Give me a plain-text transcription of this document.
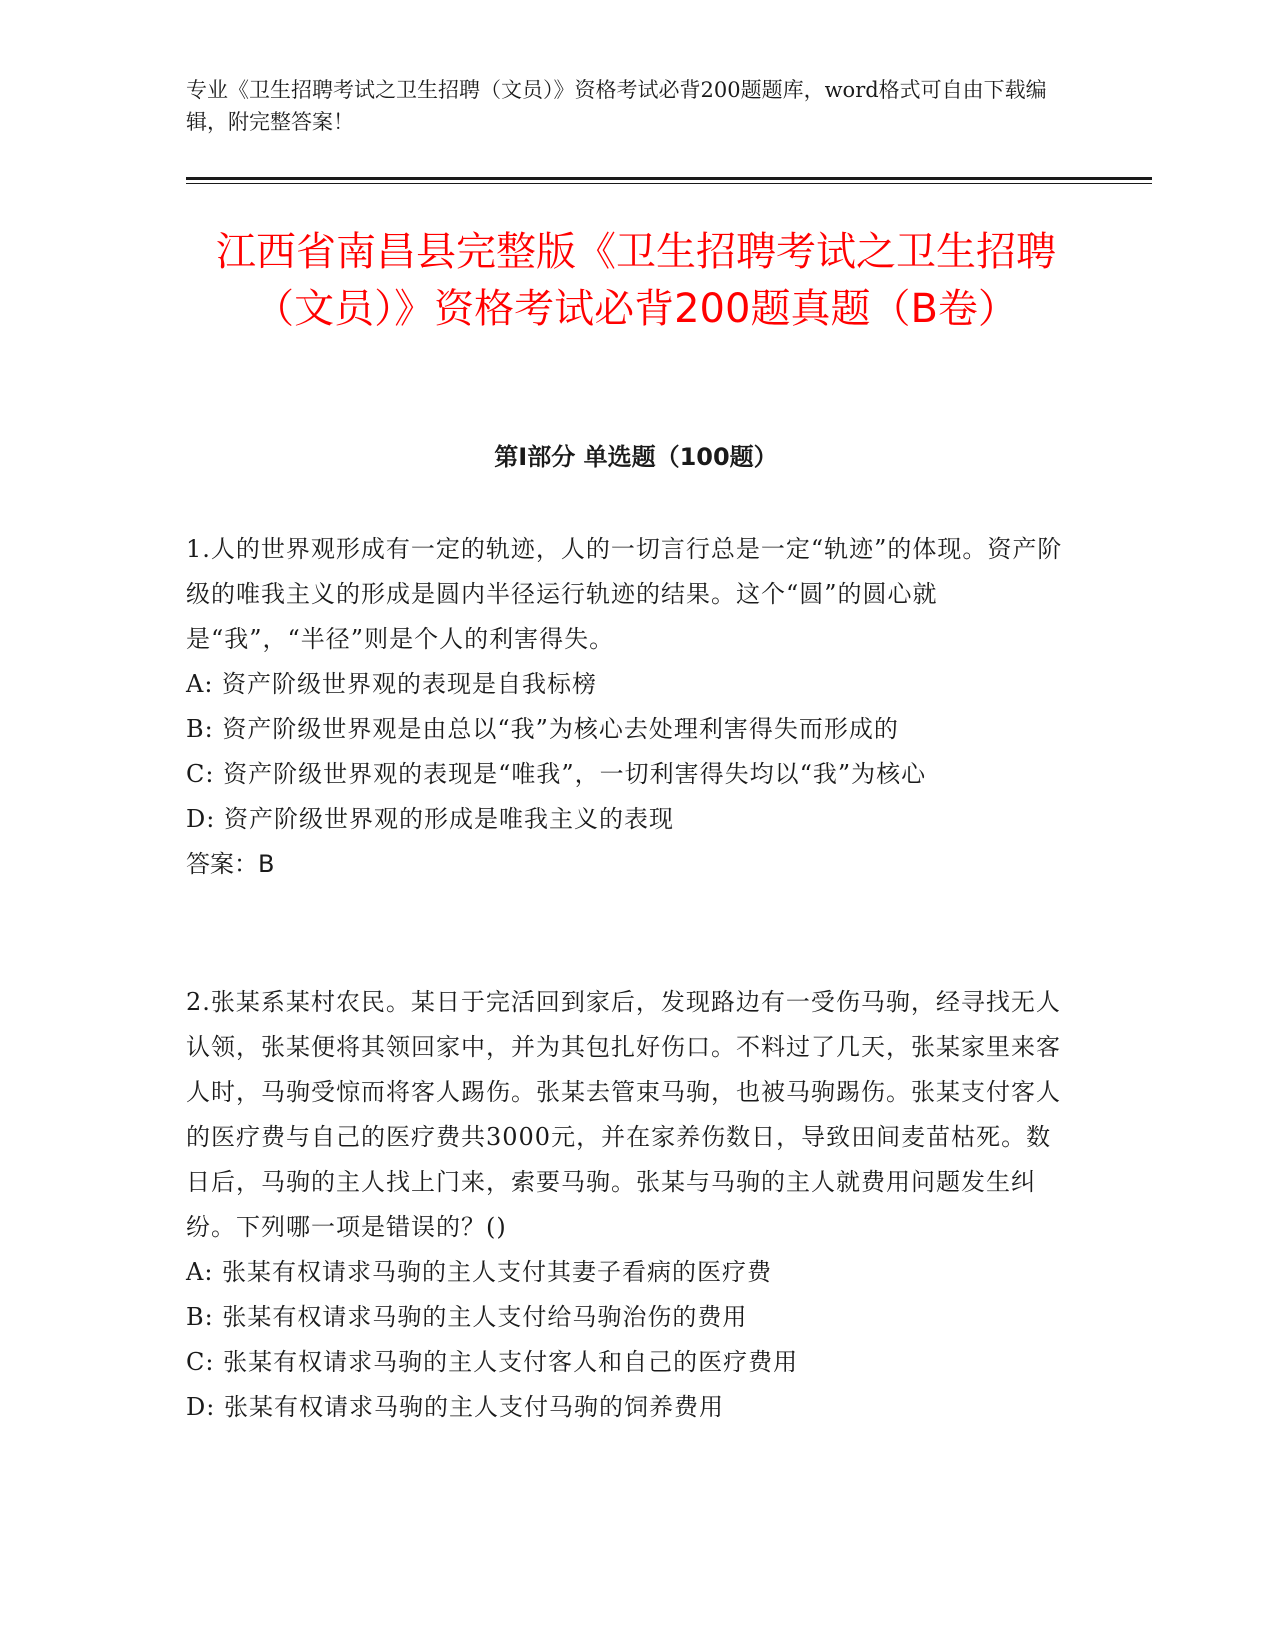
专业《卫生招聘考试之卫生招聘（文员）》资格考试必背200题题库，word格式可自由下载编辑，附完整答案！
江西省南昌县完整版《卫生招聘考试之卫生招聘（文员）》资格考试必背200题真题（B卷）
第Ⅰ部分 单选题（100题）

1.人的世界观形成有一定的轨迹，人的一切言行总是一定“轨迹”的体现。资产阶级的唯我主义的形成是圆内半径运行轨迹的结果。这个“圆”的圆心就是“我”，“半径”则是个人的利害得失。

A: 资产阶级世界观的表现是自我标榜

B: 资产阶级世界观是由总以“我”为核心去处理利害得失而形成的

C: 资产阶级世界观的表现是“唯我”，一切利害得失均以“我”为核心

D: 资产阶级世界观的形成是唯我主义的表现

答案：B

2.张某系某村农民。某日于完活回到家后，发现路边有一受伤马驹，经寻找无人认领，张某便将其领回家中，并为其包扎好伤口。不料过了几天，张某家里来客人时，马驹受惊而将客人踢伤。张某去管束马驹，也被马驹踢伤。张某支付客人的医疗费与自己的医疗费共3000元，并在家养伤数日，导致田间麦苗枯死。数日后，马驹的主人找上门来，索要马驹。张某与马驹的主人就费用问题发生纠纷。下列哪一项是错误的？()

A: 张某有权请求马驹的主人支付其妻子看病的医疗费

B: 张某有权请求马驹的主人支付给马驹治伤的费用

C: 张某有权请求马驹的主人支付客人和自己的医疗费用

D: 张某有权请求马驹的主人支付马驹的饲养费用
